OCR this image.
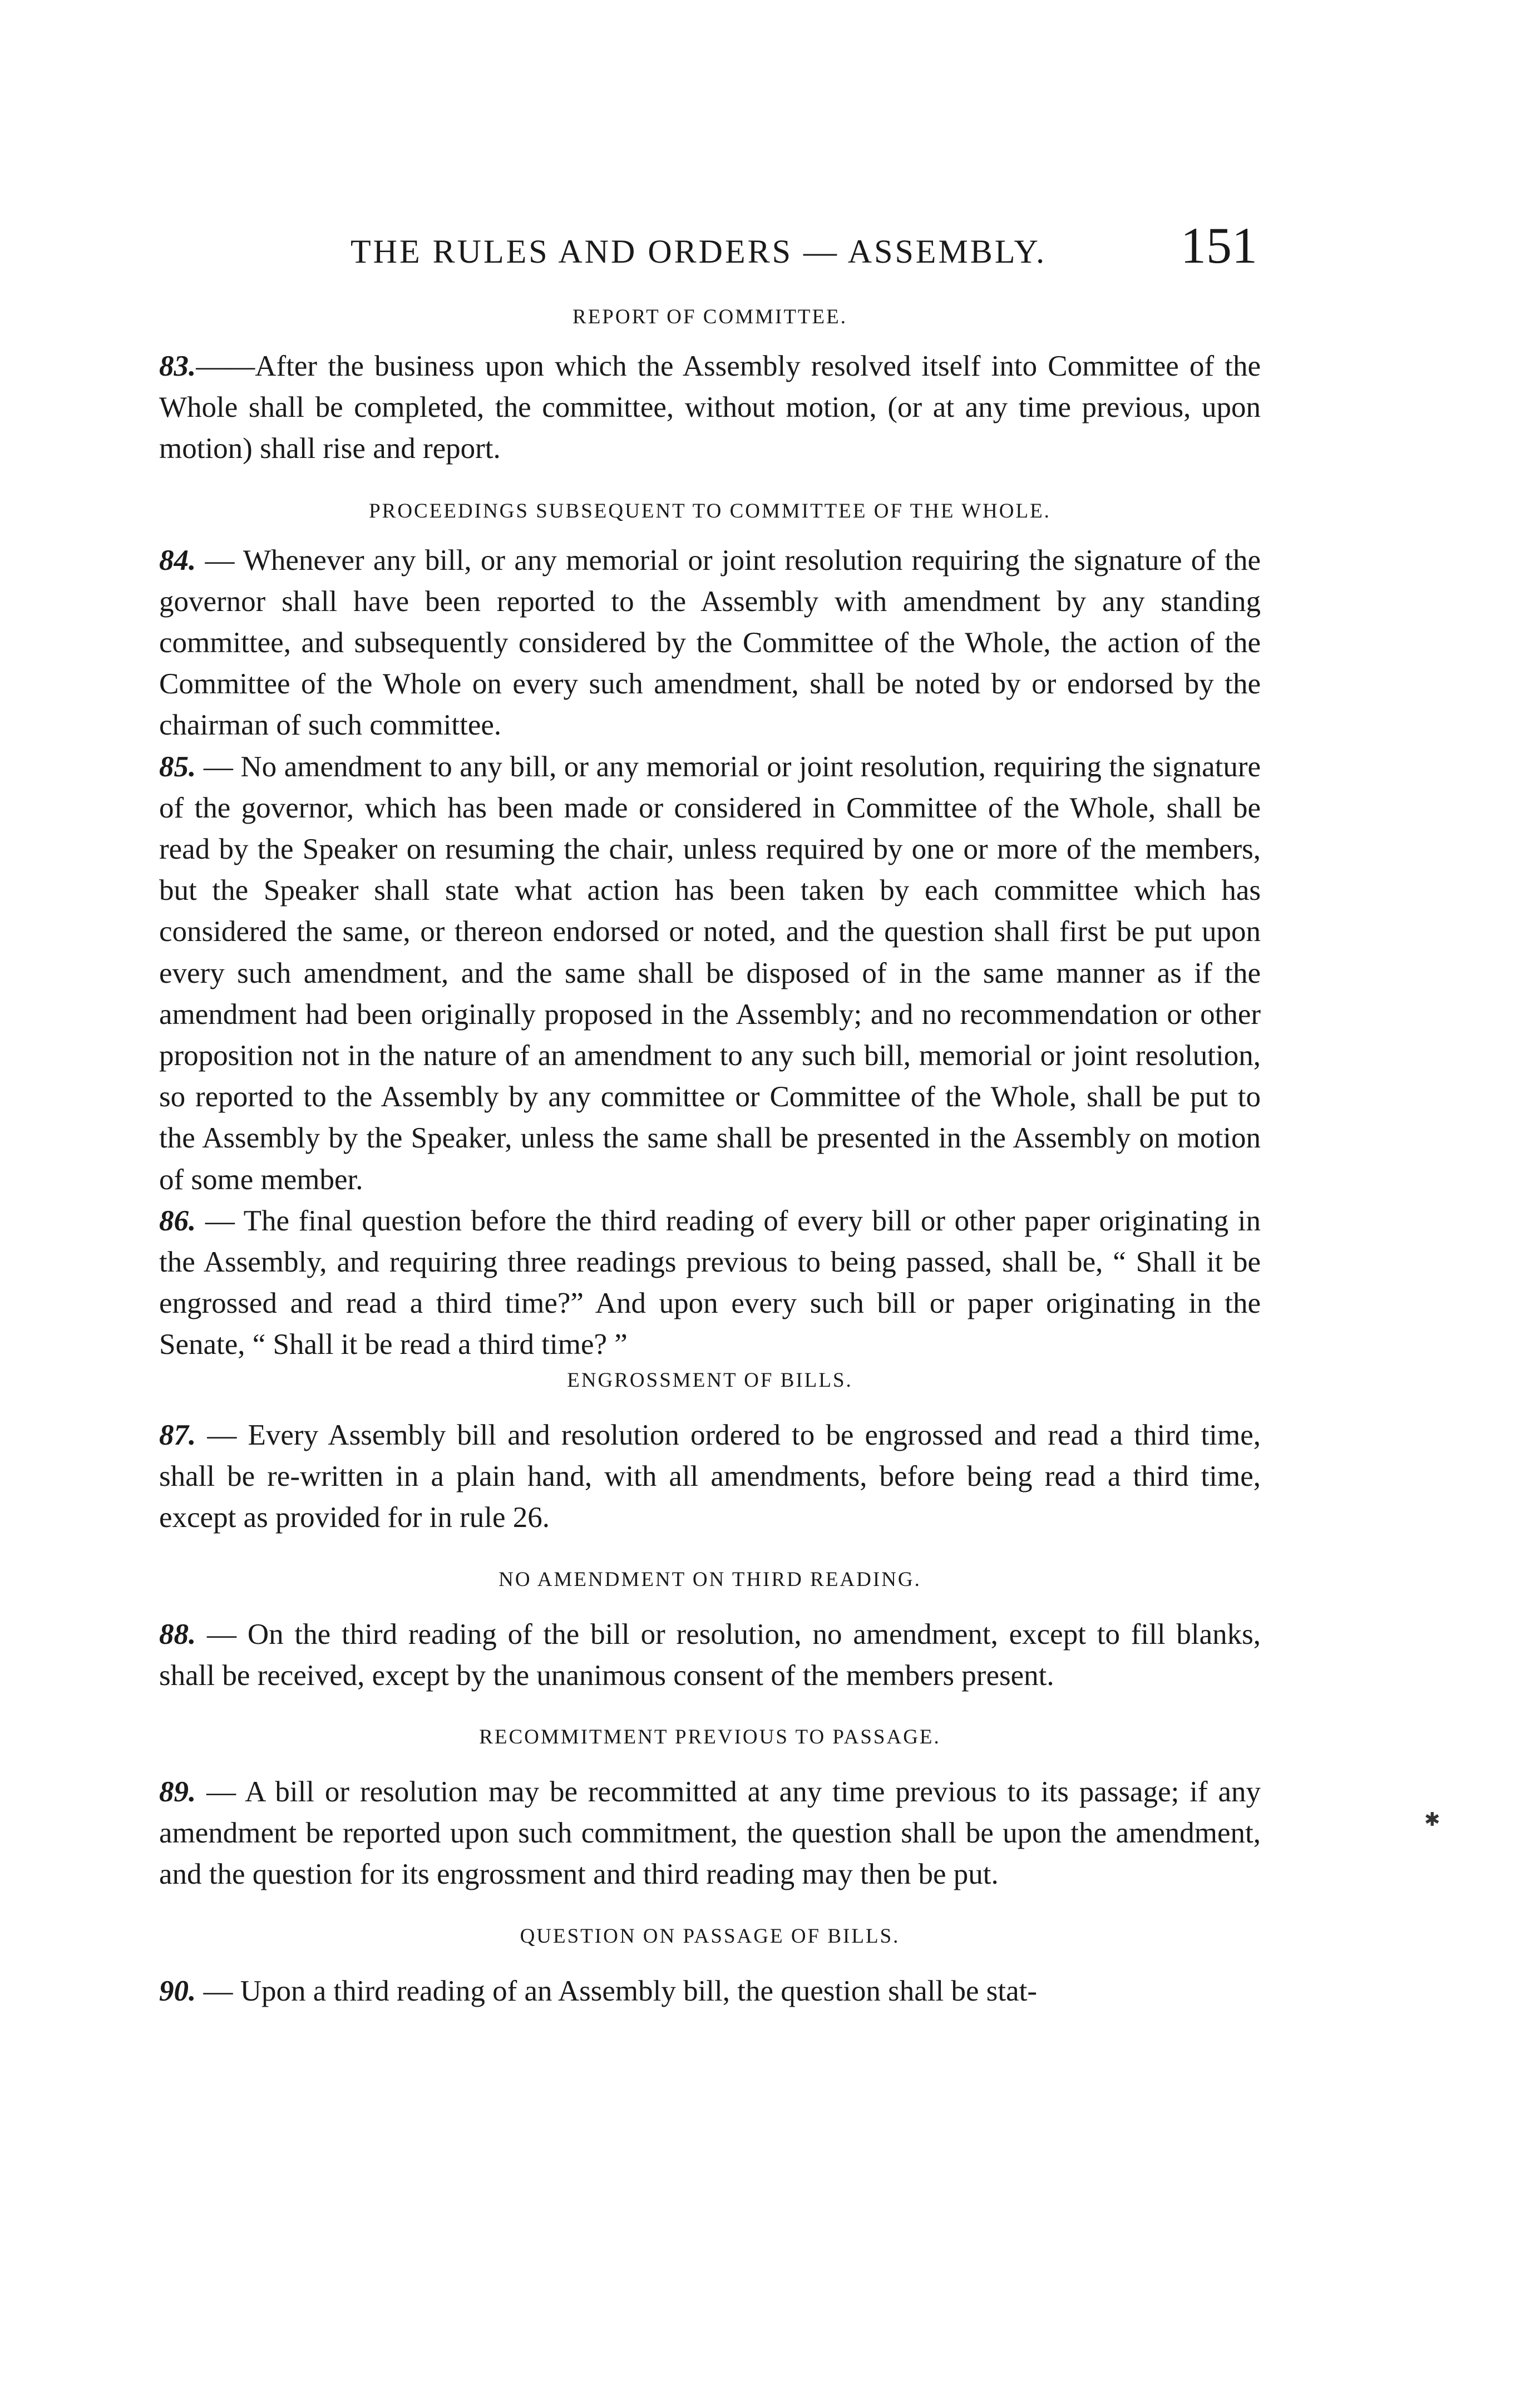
THE RULES AND ORDERS — ASSEMBLY.	151

REPORT OF COMMITTEE.

83.——After the business upon which the Assembly resolved itself into Committee of the Whole shall be completed, the committee, without motion, (or at any time previous, upon motion) shall rise and report.

PROCEEDINGS SUBSEQUENT TO COMMITTEE OF THE WHOLE.

84. — Whenever any bill, or any memorial or joint resolution requiring the signature of the governor shall have been reported to the Assembly with amendment by any standing committee, and subsequently considered by the Committee of the Whole, the action of the Committee of the Whole on every such amendment, shall be noted by or endorsed by the chairman of such committee.

85. — No amendment to any bill, or any memorial or joint resolution, requiring the signature of the governor, which has been made or considered in Committee of the Whole, shall be read by the Speaker on resuming the chair, unless required by one or more of the members, but the Speaker shall state what action has been taken by each committee which has considered the same, or thereon endorsed or noted, and the question shall first be put upon every such amendment, and the same shall be disposed of in the same manner as if the amendment had been originally proposed in the Assembly; and no recommendation or other proposition not in the nature of an amendment to any such bill, memorial or joint resolution, so reported to the Assembly by any committee or Committee of the Whole, shall be put to the Assembly by the Speaker, unless the same shall be presented in the Assembly on motion of some member.

86. — The final question before the third reading of every bill or other paper originating in the Assembly, and requiring three readings previous to being passed, shall be, “ Shall it be engrossed and read a third time?” And upon every such bill or paper originating in the Senate, “ Shall it be read a third time? ”

ENGROSSMENT OF BILLS.

87. — Every Assembly bill and resolution ordered to be engrossed and read a third time, shall be re-written in a plain hand, with all amendments, before being read a third time, except as provided for in rule 26.

NO AMENDMENT ON THIRD READING.

88. — On the third reading of the bill or resolution, no amendment, except to fill blanks, shall be received, except by the unanimous consent of the members present.

RECOMMITMENT PREVIOUS TO PASSAGE.

89. — A bill or resolution may be recommitted at any time previous to its passage; if any amendment be reported upon such commitment, the question shall be upon the amendment, and the question for its engrossment and third reading may then be put.

QUESTION ON PASSAGE OF BILLS.

90. — Upon a third reading of an Assembly bill, the question shall be stat-

✱
